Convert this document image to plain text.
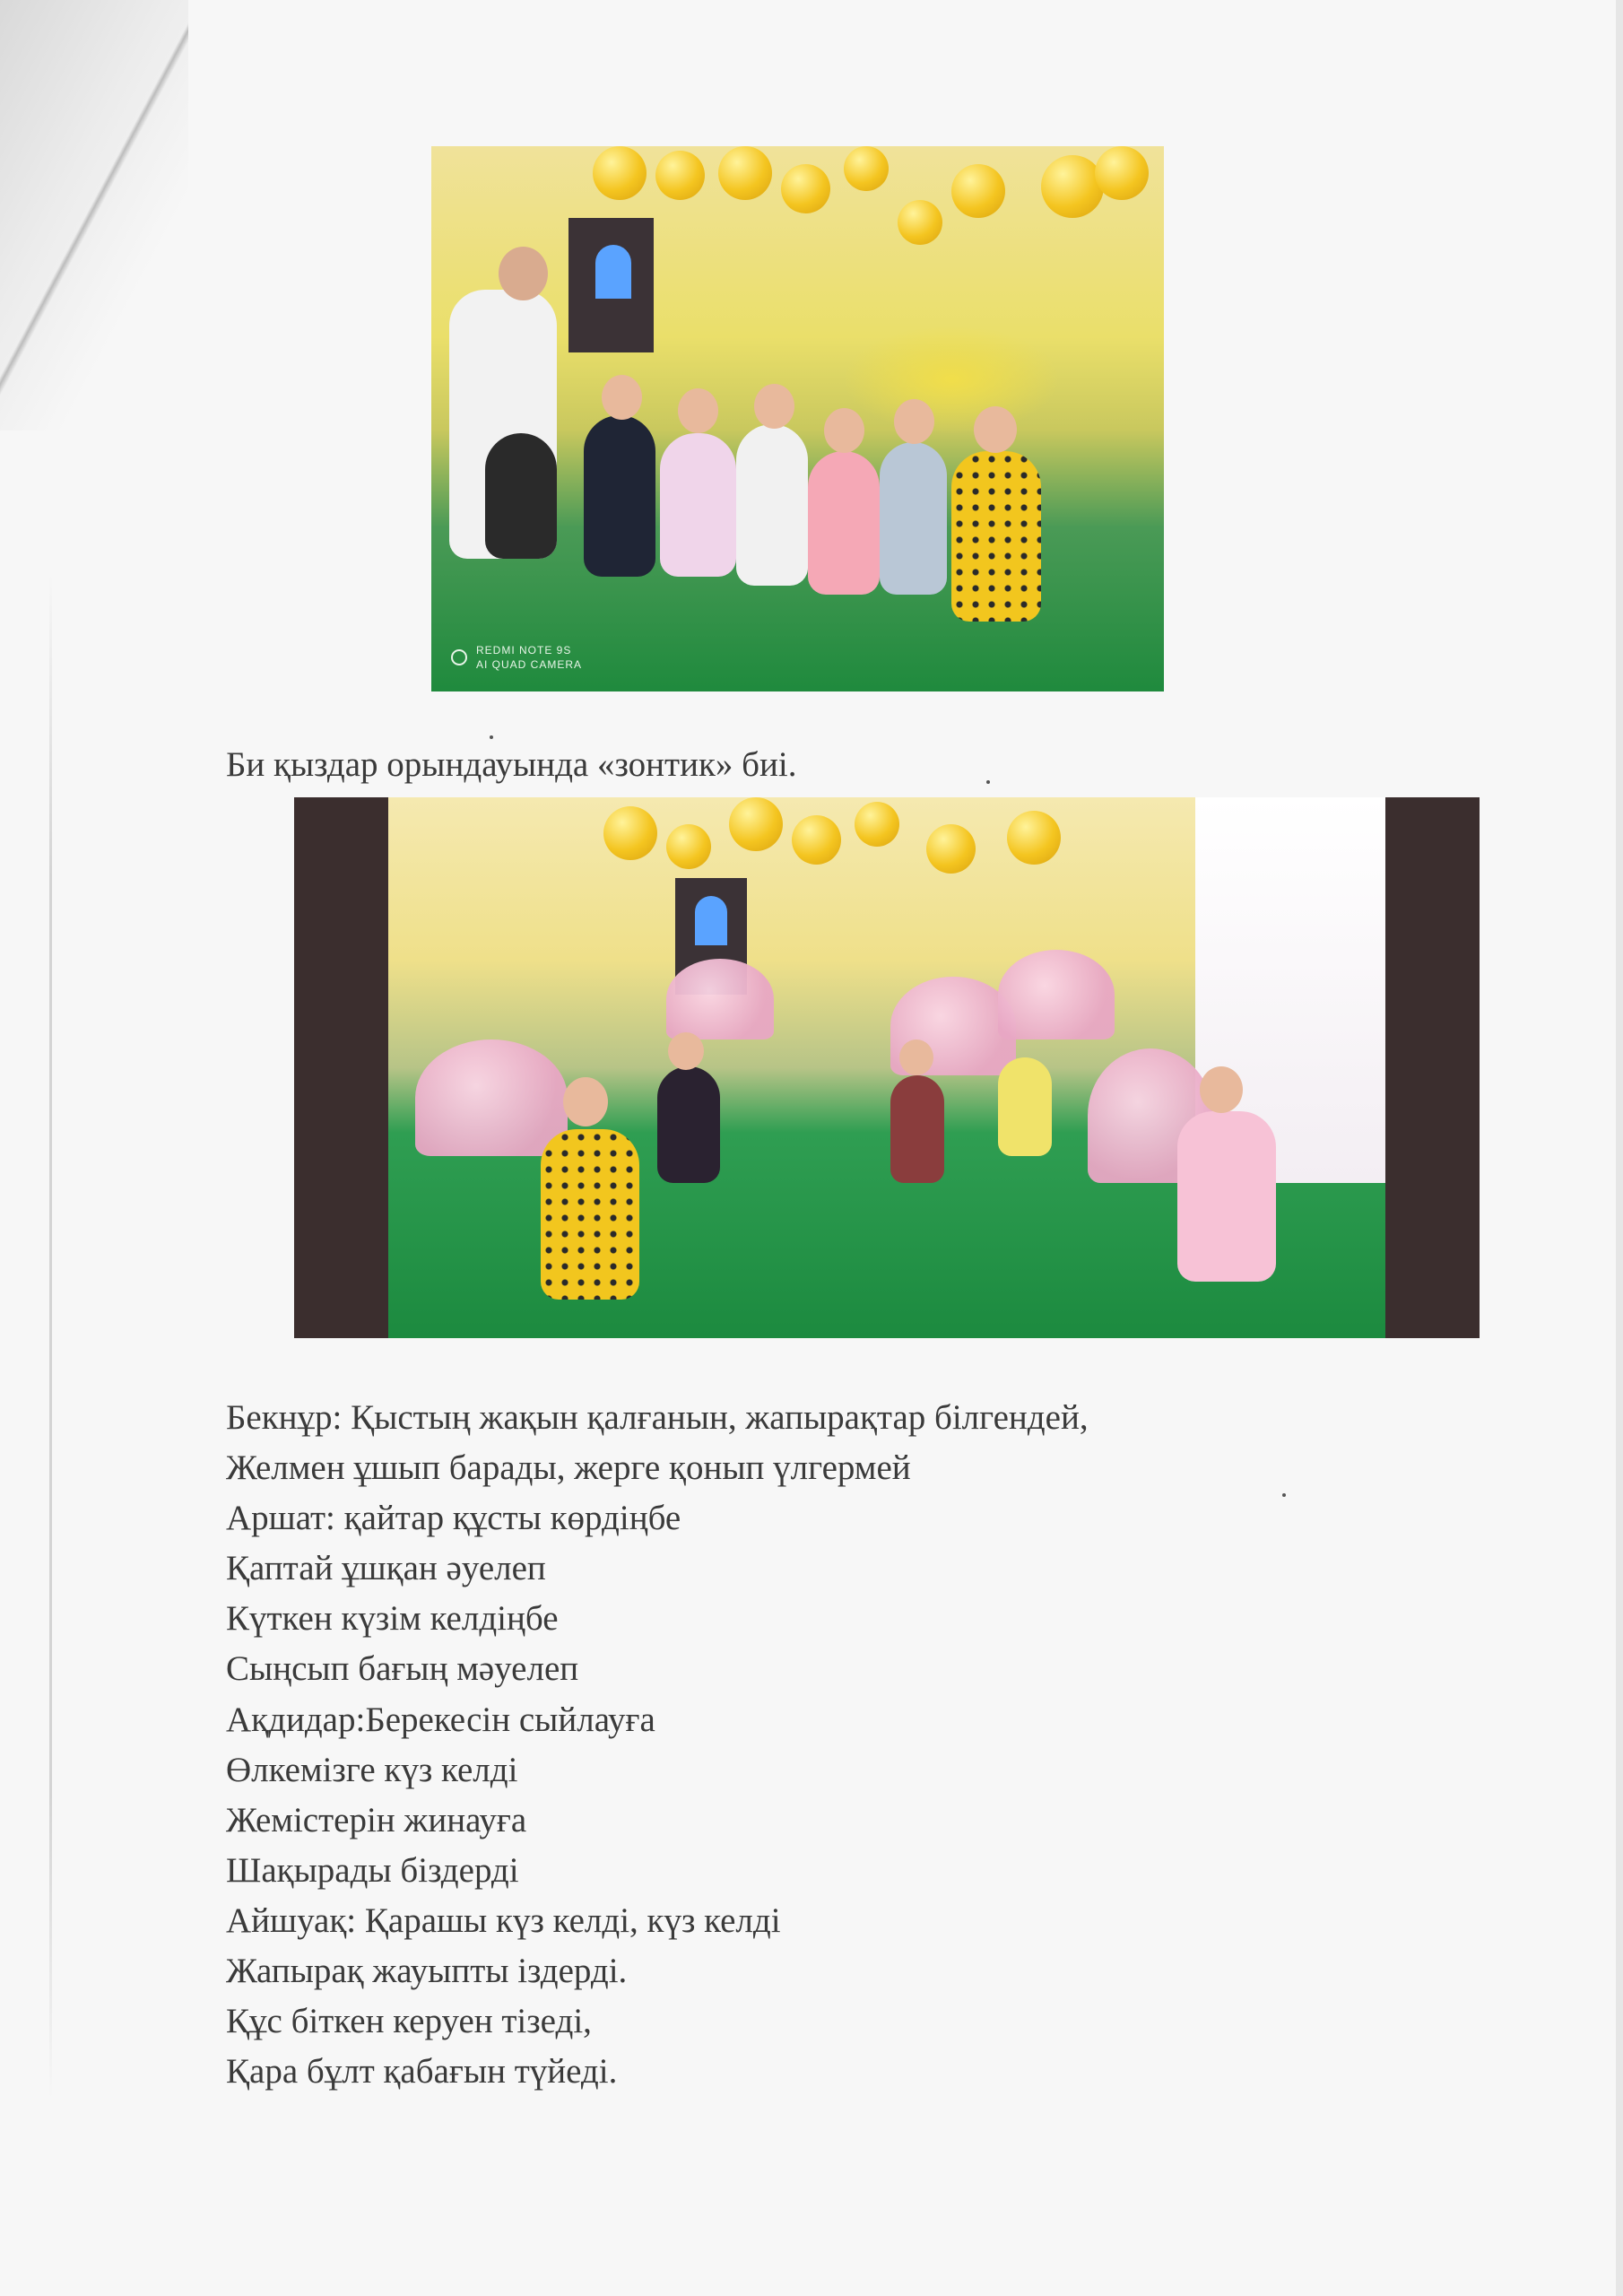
REDMI NOTE 9S
AI QUAD CAMERA
Би қыздар орындауында «зонтик» биі.
Бекнұр: Қыстың жақын қалғанын, жапырақтар білгендей,
Желмен ұшып барады, жерге қонып үлгермей
Аршат: қайтар құсты көрдіңбе
Қаптай ұшқан әуелеп
Күткен күзім келдіңбе
Сыңсып бағың мәуелеп
Ақдидар:Берекесін сыйлауға
Өлкемізге күз келді
Жемістерін жинауға
Шақырады біздерді
Айшуақ: Қарашы күз келді, күз келді
Жапырақ жауыпты іздерді.
Құс біткен керуен тізеді,
Қара бұлт қабағын түйеді.
